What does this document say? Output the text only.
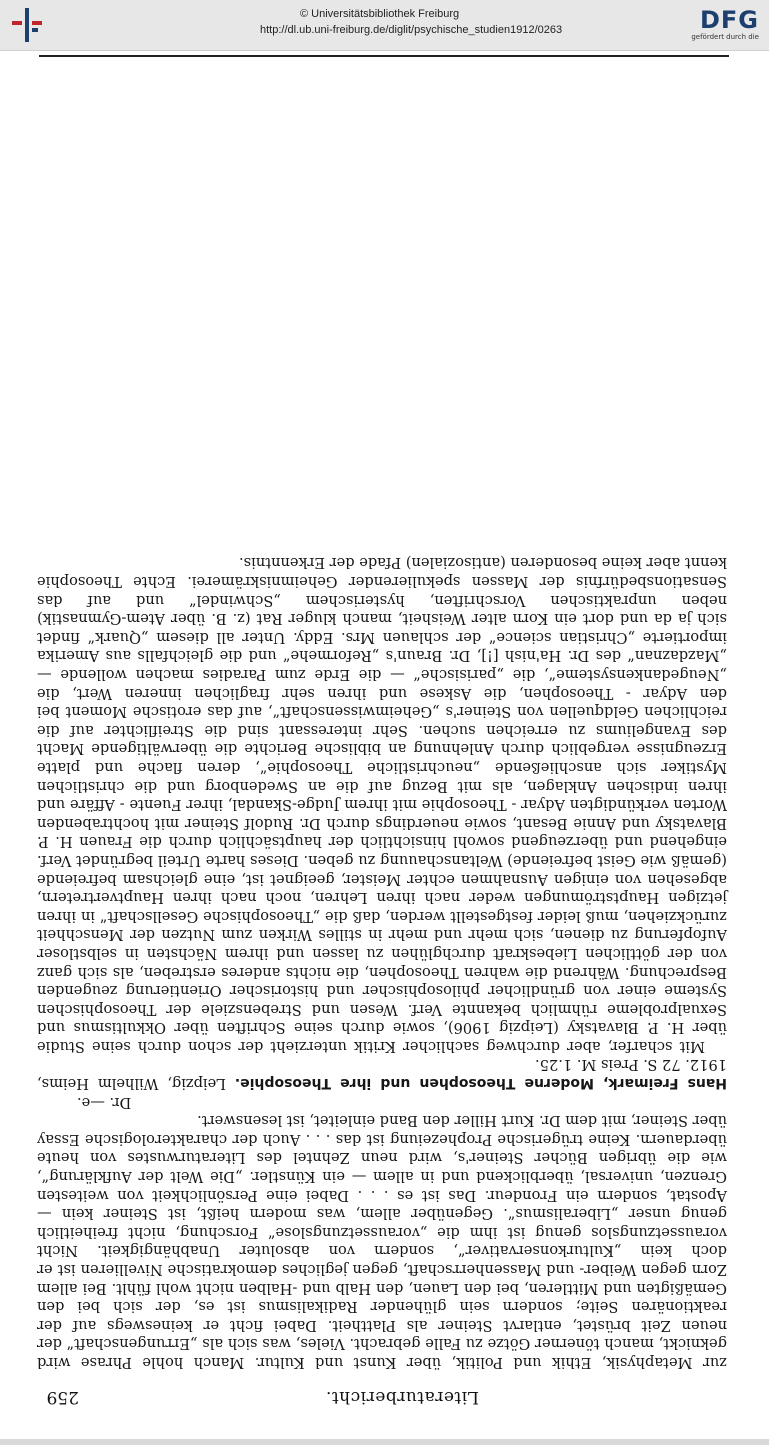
Literaturbericht.
259

zur Metaphysik, Ethik und Politik, über Kunst und Kultur. Manch hohle Phrase wird geknickt, manch tönerner Götze zu Falle gebracht. Vieles, was sich als „Errungenschaft“ der neuen Zeit brüstet, entlarvt Steiner als Plattheit. Dabei ficht er keineswegs auf der reaktionären Seite; sondern sein glühender Radikalismus ist es, der sich bei den Gemäßigten und Mittleren, bei den Lauen, den Halb und -Halben nicht wohl fühlt. Bei allem Zorn gegen Weiber- und Massenherrschaft, gegen jegliches demokratische Nivellieren ist er doch kein „Kulturkonservativer“, sondern von absoluter Unabhängigkeit. Nicht voraussetzungslos genug ist ihm die „voraussetzungslose“ Forschung, nicht freiheitlich genug unser „Liberalismus“. Gegenüber allem, was modern heißt, ist Steiner kein — Apostat, sondern ein Frondeur. Das ist es . . . Dabei eine Persönlichkeit von weitesten Grenzen, universal, überblickend und in allem — ein Künstler. „Die Welt der Aufklärung“, wie die übrigen Bücher Steiner's, wird neun Zehntel des Literaturwustes von heute überdauern. Keine trügerische Prophezeiung ist das . . . Auch der charakterologische Essay über Steiner, mit dem Dr. Kurt Hiller den Band einleitet, ist lesenswert.

Dr. —e.

Hans Freimark, Moderne Theosophen und ihre Theosophie. Leipzig, Wilhelm Heims, 1912. 72 S. Preis M. 1.25.

Mit scharfer, aber durchweg sachlicher Kritik unterzieht der schon durch seine Studie über H. P. Blavatsky (Leipzig 1906), sowie durch seine Schriften über Okkultismus und Sexualprobleme rühmlich bekannte Verf. Wesen und Strebensziele der Theosophischen Systeme einer von gründlicher philosophischer und historischer Orientierung zeugenden Besprechung. Während die wahren Theosophen, die nichts anderes erstreben, als sich ganz von der göttlichen Liebeskraft durchglühen zu lassen und ihrem Nächsten in selbstloser Aufopferung zu dienen, sich mehr und mehr in stilles Wirken zum Nutzen der Menschheit zurückziehen, muß leider festgestellt werden, daß die „Theosophische Gesellschaft“ in ihren jetzigen Hauptströmungen weder nach ihren Lehren, noch nach ihren Hauptvertretern, abgesehen von einigen Ausnahmen echter Meister, geeignet ist, eine gleichsam befreiende (gemäß wie Geist befreiende) Weltanschauung zu geben. Dieses harte Urteil begründet Verf. eingehend und überzeugend sowohl hinsichtlich der hauptsächlich durch die Frauen H. P. Blavatsky und Annie Besant, sowie neuerdings durch Dr. Rudolf Steiner mit hochtrabenden Worten verkündigten Adyar - Theosophie mit ihrem Judge-Skandal, ihrer Fuente - Affäre und ihren indischen Anklagen, als mit Bezug auf die an Swedenborg und die christlichen Mystiker sich anschließende „neuchristliche Theosophie“, deren flache und platte Erzeugnisse vergeblich durch Anlehnung an biblische Berichte die überwältigende Macht des Evangeliums zu erreichen suchen. Sehr interessant sind die Streiflichter auf die reichlichen Geldquellen von Steiner's „Geheimwissenschaft“, auf das erotische Moment bei den Adyar - Theosophen, die Askese und ihren sehr fraglichen inneren Wert, die „Neugedankensysteme“, die „parisische“ — die Erde zum Paradies machen wollende — „Mazdaznan“ des Dr. Ha'nish [!], Dr. Braun's „Reformehe“ und die gleichfalls aus Amerika importierte „Christian science“ der schlauen Mrs. Eddy. Unter all diesem „Quark“ findet sich ja da und dort ein Korn alter Weisheit, manch kluger Rat (z. B. über Atem-Gymnastik) neben unpraktischen Vorschriften, hysterischem „Schwindel“ und auf das Sensationsbedürfnis der Massen spekulierender Geheimniskrämerei. Echte Theosophie kennt aber keine besonderen (antisozialen) Pfade der Erkenntnis.

DFG
gefördert durch die
© Universitätsbibliothek Freiburg
http://dl.ub.uni-freiburg.de/diglit/psychische_studien1912/0263
